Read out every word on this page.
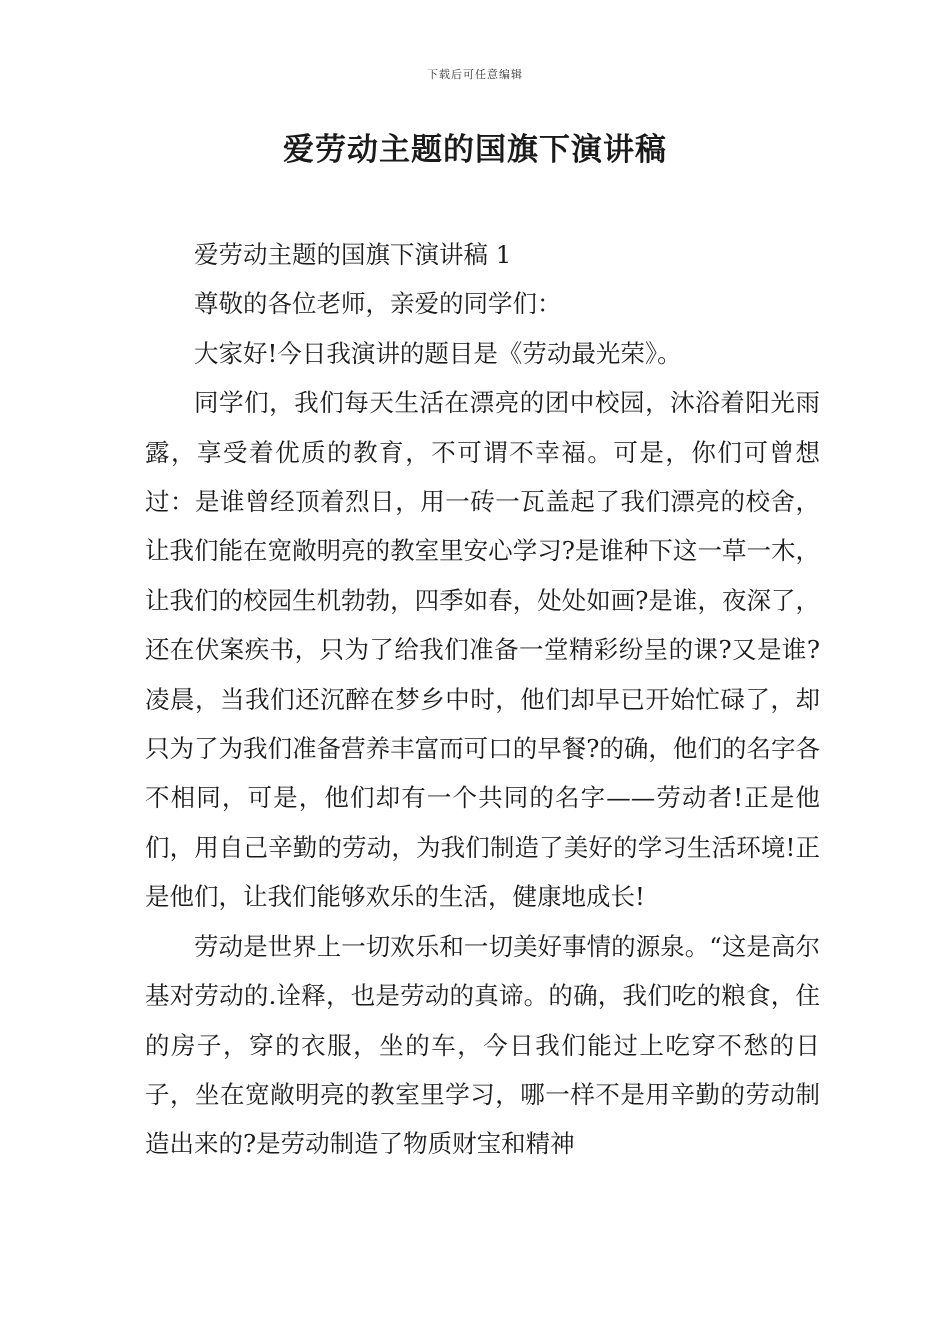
下载后可任意编辑
爱劳动主题的国旗下演讲稿

爱劳动主题的国旗下演讲稿 1

尊敬的各位老师，亲爱的同学们：

大家好!今日我演讲的题目是《劳动最光荣》。

同学们，我们每天生活在漂亮的团中校园，沐浴着阳光雨露，享受着优质的教育，不可谓不幸福。可是，你们可曾想过：是谁曾经顶着烈日，用一砖一瓦盖起了我们漂亮的校舍，让我们能在宽敞明亮的教室里安心学习?是谁种下这一草一木，让我们的校园生机勃勃，四季如春，处处如画?是谁，夜深了，还在伏案疾书，只为了给我们准备一堂精彩纷呈的课?又是谁?凌晨，当我们还沉醉在梦乡中时，他们却早已开始忙碌了，却只为了为我们准备营养丰富而可口的早餐?的确，他们的名字各不相同，可是，他们却有一个共同的名字——劳动者!正是他们，用自己辛勤的劳动，为我们制造了美好的学习生活环境!正是他们，让我们能够欢乐的生活，健康地成长!

劳动是世界上一切欢乐和一切美好事情的源泉。“这是高尔基对劳动的.诠释，也是劳动的真谛。的确，我们吃的粮食，住的房子，穿的衣服，坐的车，今日我们能过上吃穿不愁的日子，坐在宽敞明亮的教室里学习，哪一样不是用辛勤的劳动制造出来的?是劳动制造了物质财宝和精神
